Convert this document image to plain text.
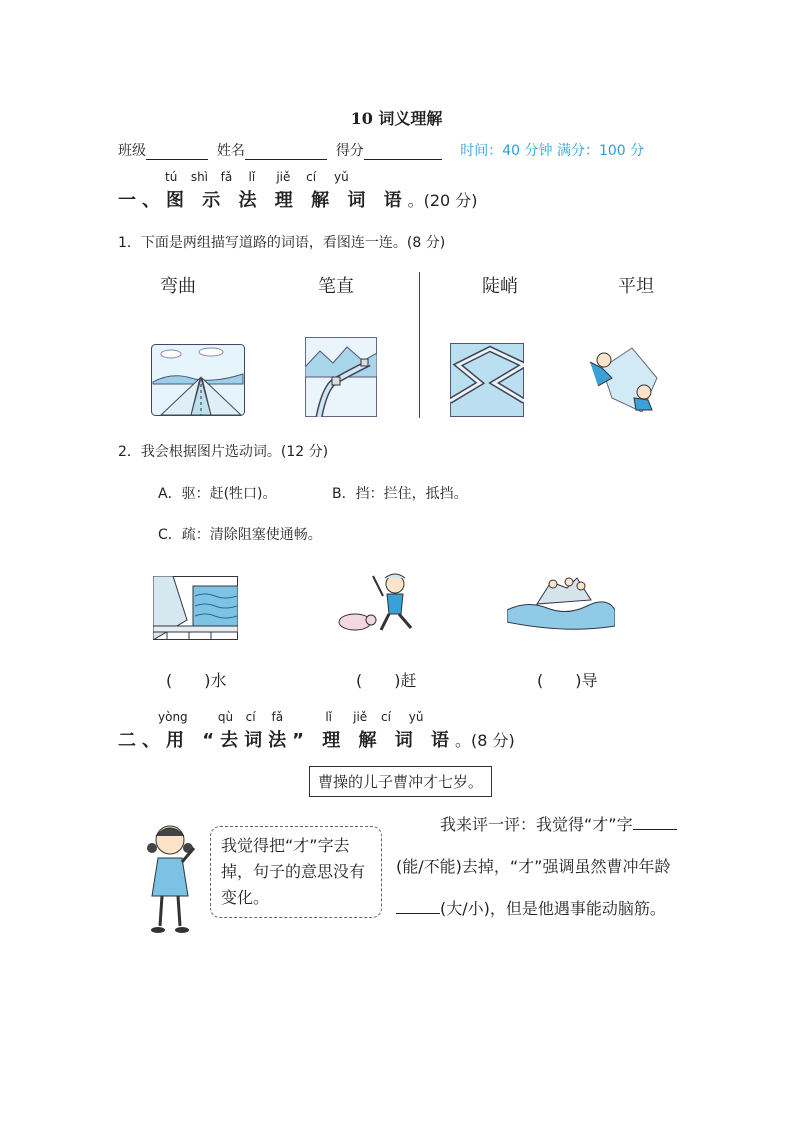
10 词义理解
班级	姓名	得分	时间：40 分钟 满分：100 分
tú shì fǎ lǐ jiě cí yǔ
一、图 示 法 理 解 词 语。(20 分)
1．下面是两组描写道路的词语，看图连一连。(8 分)
弯曲	笔直	陡峭	平坦
2．我会根据图片选动词。(12 分)
A．驱：赶(牲口)。	B．挡：拦住，抵挡。
C．疏：清除阻塞使通畅。
(　　)水	(　　)赶	(　　)导
yòng	qù cí fǎ	lǐ jiě cí yǔ
二、用 “去词法” 理 解 词 语。(8 分)
曹操的儿子曹冲才七岁。
我觉得把“才”字去掉，句子的意思没有变化。
我来评一评：我觉得“才”字(能/不能)去掉，“才”强调虽然曹冲年龄(大/小)，但是他遇事能动脑筋。
